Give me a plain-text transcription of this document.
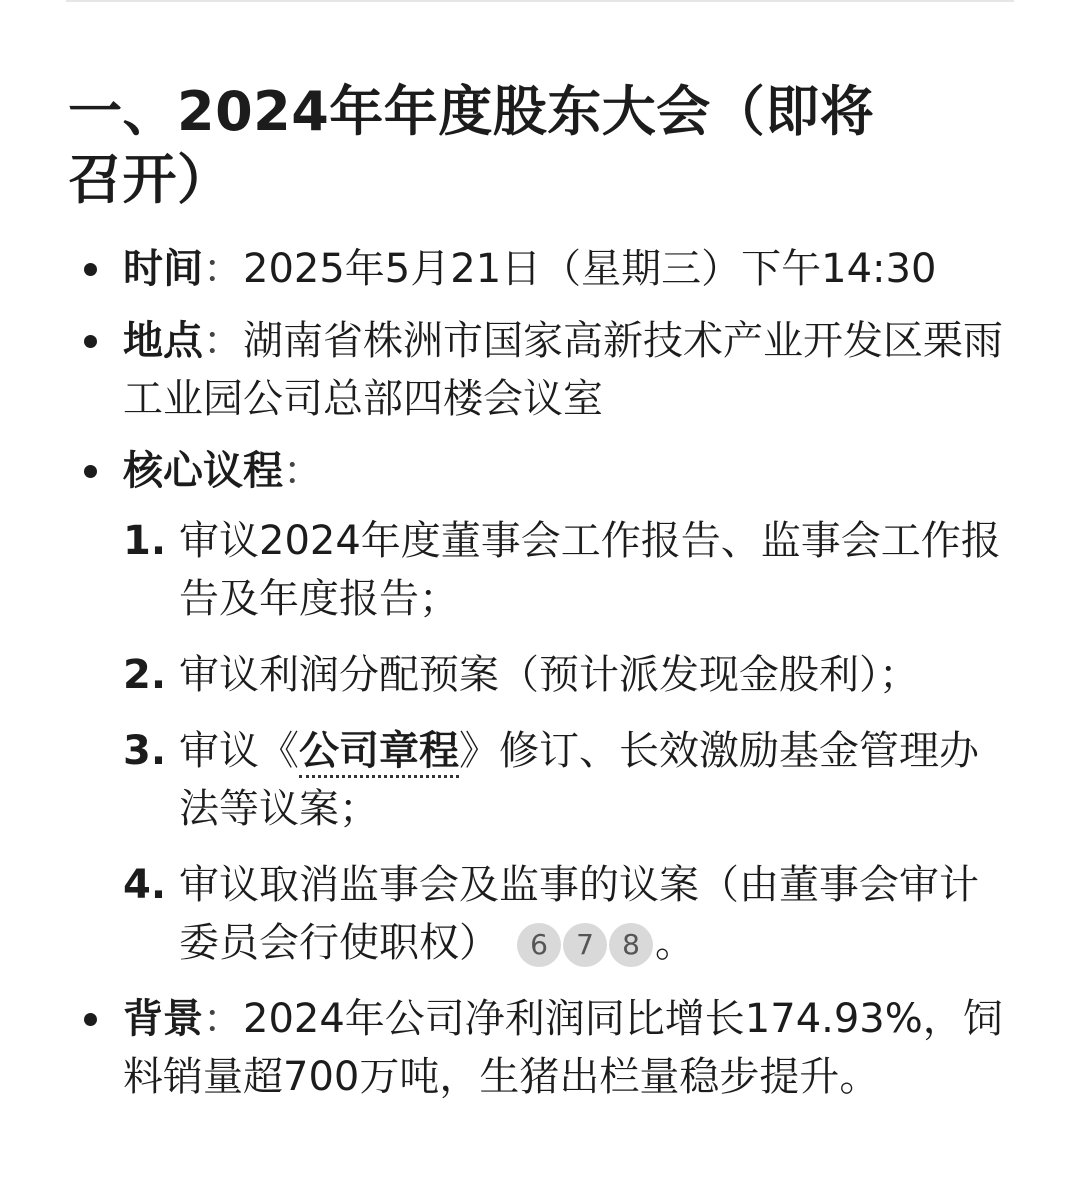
一、2024年年度股东大会（即将召开）
时间：2025年5月21日（星期三）下午14:30
地点：湖南省株洲市国家高新技术产业开发区栗雨工业园公司总部四楼会议室
核心议程：
1. 审议2024年度董事会工作报告、监事会工作报告及年度报告；
2. 审议利润分配预案（预计派发现金股利）；
3. 审议《公司章程》修订、长效激励基金管理办法等议案；
4. 审议取消监事会及监事的议案（由董事会审计委员会行使职权） 6 7 8 。
背景：2024年公司净利润同比增长174.93%，饲料销量超700万吨，生猪出栏量稳步提升。
